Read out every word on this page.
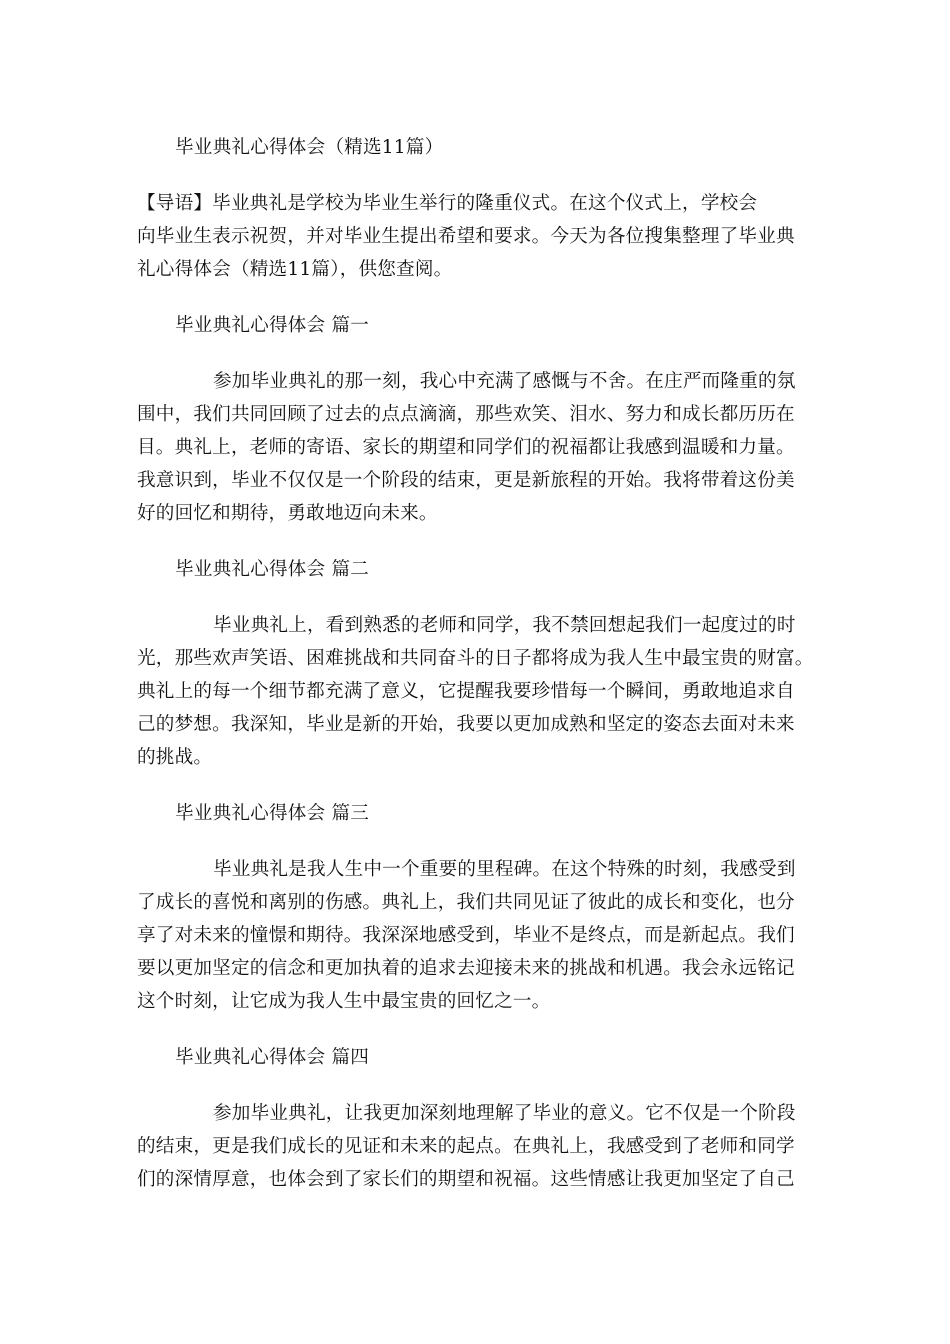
毕业典礼心得体会（精选11篇）

【导语】毕业典礼是学校为毕业生举行的隆重仪式。在这个仪式上，学校会

向毕业生表示祝贺，并对毕业生提出希望和要求。今天为各位搜集整理了毕业典

礼心得体会（精选11篇），供您查阅。

毕业典礼心得体会 篇一

参加毕业典礼的那一刻，我心中充满了感慨与不舍。在庄严而隆重的氛

围中，我们共同回顾了过去的点点滴滴，那些欢笑、泪水、努力和成长都历历在

目。典礼上，老师的寄语、家长的期望和同学们的祝福都让我感到温暖和力量。

我意识到，毕业不仅仅是一个阶段的结束，更是新旅程的开始。我将带着这份美

好的回忆和期待，勇敢地迈向未来。

毕业典礼心得体会 篇二

毕业典礼上，看到熟悉的老师和同学，我不禁回想起我们一起度过的时

光，那些欢声笑语、困难挑战和共同奋斗的日子都将成为我人生中最宝贵的财富。

典礼上的每一个细节都充满了意义，它提醒我要珍惜每一个瞬间，勇敢地追求自

己的梦想。我深知，毕业是新的开始，我要以更加成熟和坚定的姿态去面对未来

的挑战。

毕业典礼心得体会 篇三

毕业典礼是我人生中一个重要的里程碑。在这个特殊的时刻，我感受到

了成长的喜悦和离别的伤感。典礼上，我们共同见证了彼此的成长和变化，也分

享了对未来的憧憬和期待。我深深地感受到，毕业不是终点，而是新起点。我们

要以更加坚定的信念和更加执着的追求去迎接未来的挑战和机遇。我会永远铭记

这个时刻，让它成为我人生中最宝贵的回忆之一。

毕业典礼心得体会 篇四

参加毕业典礼，让我更加深刻地理解了毕业的意义。它不仅是一个阶段

的结束，更是我们成长的见证和未来的起点。在典礼上，我感受到了老师和同学

们的深情厚意，也体会到了家长们的期望和祝福。这些情感让我更加坚定了自己
